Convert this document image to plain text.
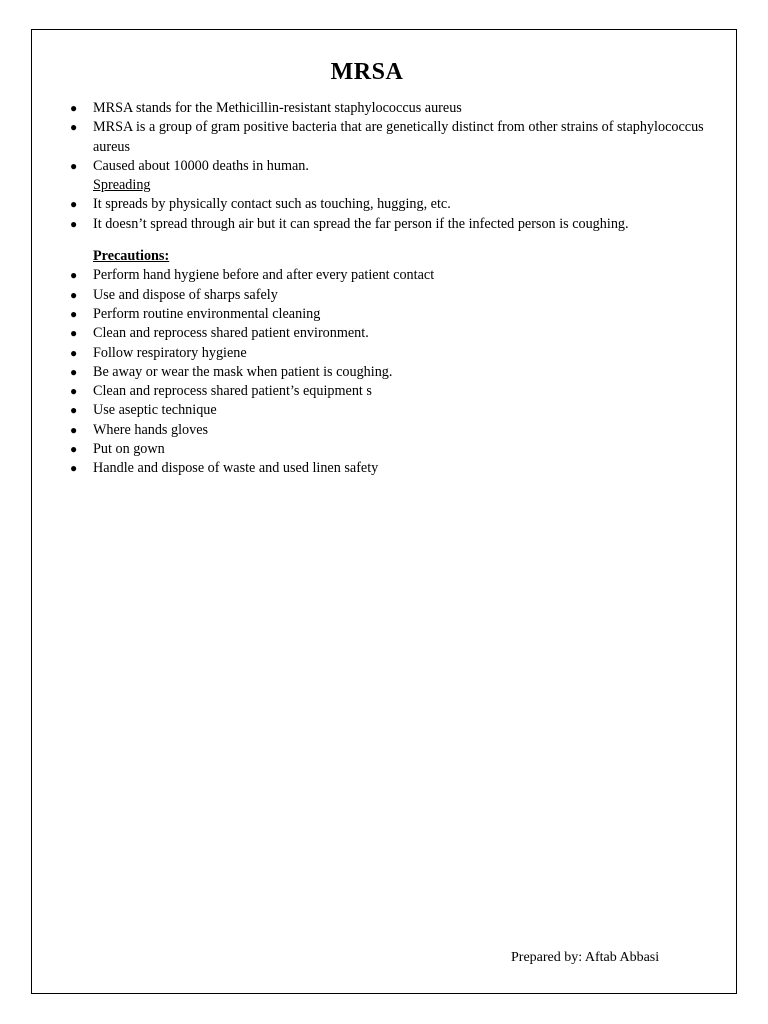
MRSA
● MRSA stands for the Methicillin-resistant staphylococcus aureus
● MRSA is a group of gram positive bacteria that are genetically distinct from other strains of staphylococcus aureus
● Caused about 10000 deaths in human.
Spreading
● It spreads by physically contact such as touching, hugging, etc.
● It doesn’t spread through air but it can spread the far person if the infected person is coughing.
Precautions:
● Perform hand hygiene before and after every patient contact
● Use and dispose of sharps safely
● Perform routine environmental cleaning
● Clean and reprocess shared patient environment.
● Follow respiratory hygiene
● Be away or wear the mask when patient is coughing.
● Clean and reprocess shared patient’s equipment s
● Use aseptic technique
● Where hands gloves
● Put on gown
● Handle and dispose of waste and used linen safety
Prepared by: Aftab Abbasi
